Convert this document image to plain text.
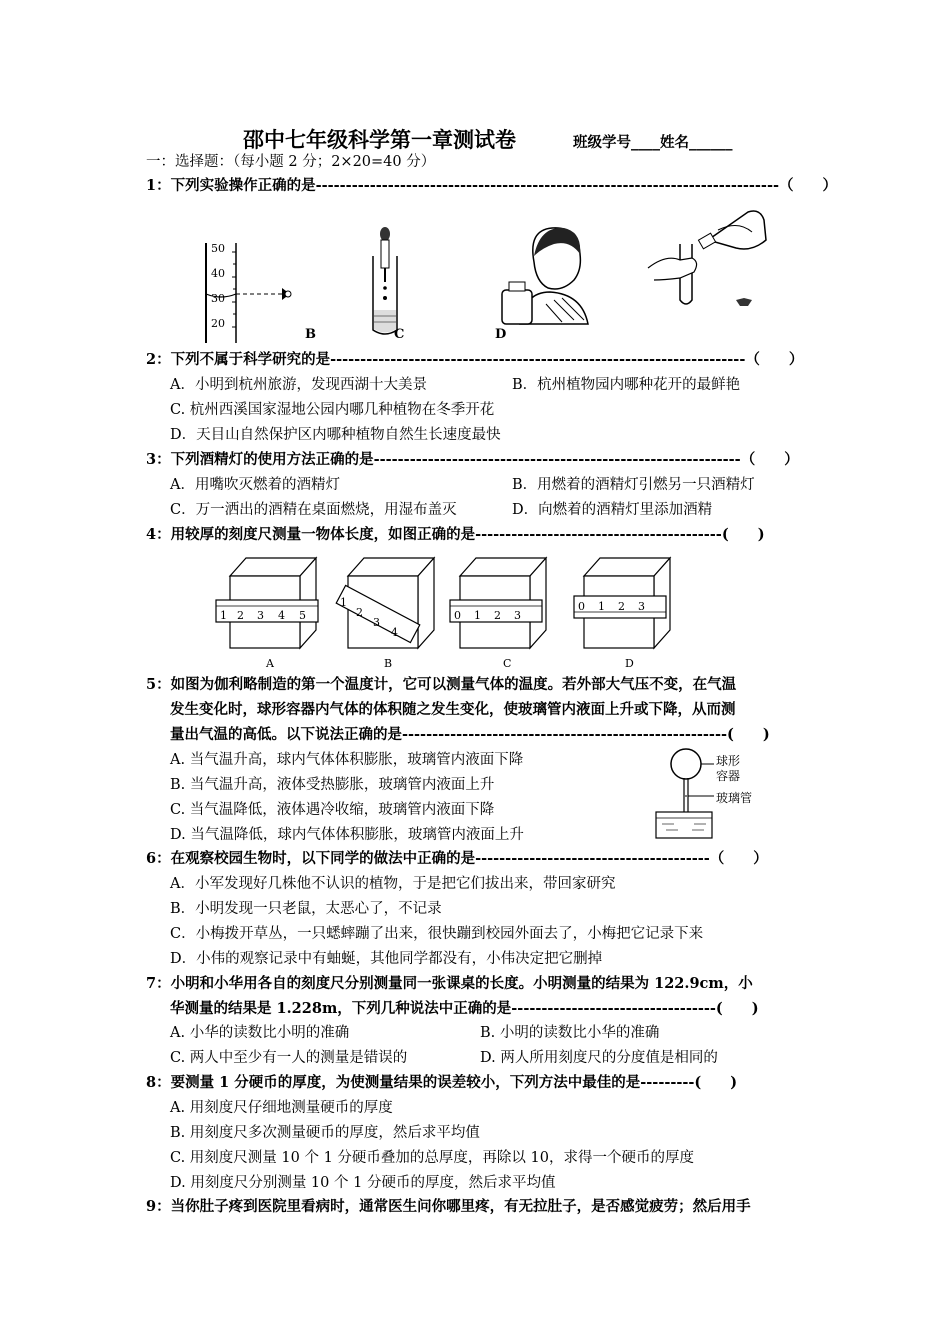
邵中七年级科学第一章测试卷	班级学号____姓名______
一：选择题：（每小题 2 分；2×20=40 分）
1：下列实验操作正确的是-----------------------------------------------------------------------------（　　）
50
40
30
20
B	C	D
2：下列不属于科学研究的是---------------------------------------------------------------------（　　）
A．小明到杭州旅游，发现西湖十大美景	B．杭州植物园内哪种花开的最鲜艳
C. 杭州西溪国家湿地公园内哪几种植物在冬季开花
D．天目山自然保护区内哪种植物自然生长速度最快
3：下列酒精灯的使用方法正确的是-------------------------------------------------------------（　　）
A．用嘴吹灭燃着的酒精灯	B．用燃着的酒精灯引燃另一只酒精灯
C．万一洒出的酒精在桌面燃烧，用湿布盖灭	D．向燃着的酒精灯里添加酒精
4：用较厚的刻度尺测量一物体长度，如图正确的是-----------------------------------------(　　)
1 2 3 4 5
1
2
3
4
0 1 2 3
0 1 2 3
A	B	C	D
5：如图为伽利略制造的第一个温度计，它可以测量气体的温度。若外部大气压不变，在气温
发生变化时，球形容器内气体的体积随之发生变化，使玻璃管内液面上升或下降，从而测
量出气温的高低。以下说法正确的是------------------------------------------------------(　　)
A. 当气温升高，球内气体体积膨胀，玻璃管内液面下降
B. 当气温升高，液体受热膨胀，玻璃管内液面上升
C. 当气温降低，液体遇冷收缩，玻璃管内液面下降
D. 当气温降低，球内气体体积膨胀，玻璃管内液面上升
球形
容器
玻璃管
6：在观察校园生物时，以下同学的做法中正确的是---------------------------------------（　　）
A．小军发现好几株他不认识的植物，于是把它们拔出来，带回家研究
B．小明发现一只老鼠，太恶心了，不记录
C．小梅拨开草丛，一只蟋蟀蹦了出来，很快蹦到校园外面去了，小梅把它记录下来
D．小伟的观察记录中有蚰蜒，其他同学都没有，小伟决定把它删掉
7：小明和小华用各自的刻度尺分别测量同一张课桌的长度。小明测量的结果为 122.9cm，小
华测量的结果是 1.228m，下列几种说法中正确的是----------------------------------(　　)
A. 小华的读数比小明的准确	B. 小明的读数比小华的准确
C. 两人中至少有一人的测量是错误的	D. 两人所用刻度尺的分度值是相同的
8：要测量 1 分硬币的厚度，为使测量结果的误差较小，下列方法中最佳的是---------(　　)
A. 用刻度尺仔细地测量硬币的厚度
B. 用刻度尺多次测量硬币的厚度，然后求平均值
C. 用刻度尺测量 10 个 1 分硬币叠加的总厚度，再除以 10，求得一个硬币的厚度
D. 用刻度尺分别测量 10 个 1 分硬币的厚度，然后求平均值
9：当你肚子疼到医院里看病时，通常医生问你哪里疼，有无拉肚子，是否感觉疲劳；然后用手
